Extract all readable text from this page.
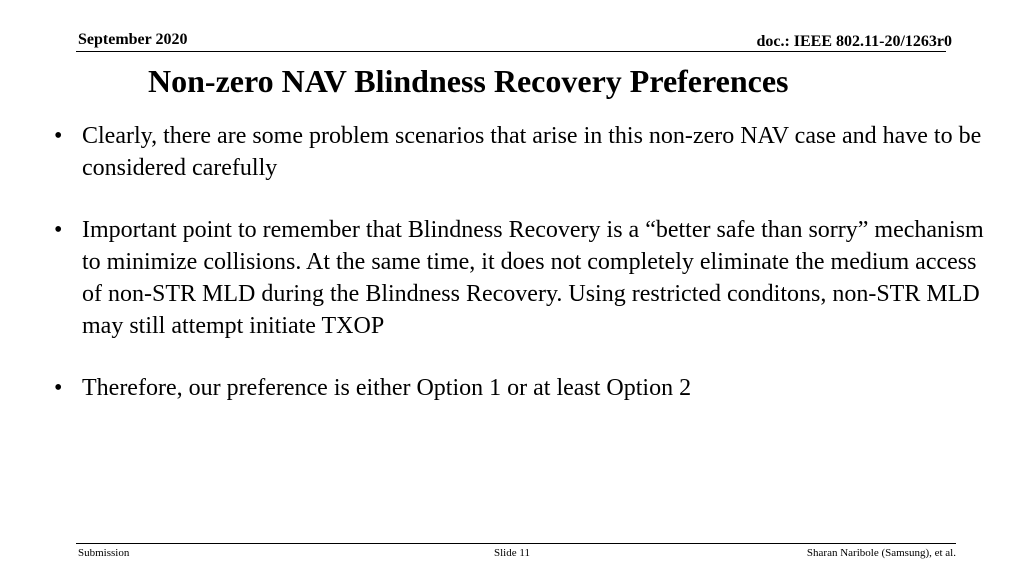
September 2020	doc.: IEEE 802.11-20/1263r0
Non-zero NAV Blindness Recovery Preferences
• Clearly, there are some problem scenarios that arise in this non-zero NAV case and have to be considered carefully
• Important point to remember that Blindness Recovery is a “better safe than sorry” mechanism to minimize collisions. At the same time, it does not completely eliminate the medium access of non-STR MLD during the Blindness Recovery. Using restricted conditons, non-STR MLD may still attempt initiate TXOP
• Therefore, our preference is either Option 1 or at least Option 2
Submission	Slide 11	Sharan Naribole (Samsung), et al.
